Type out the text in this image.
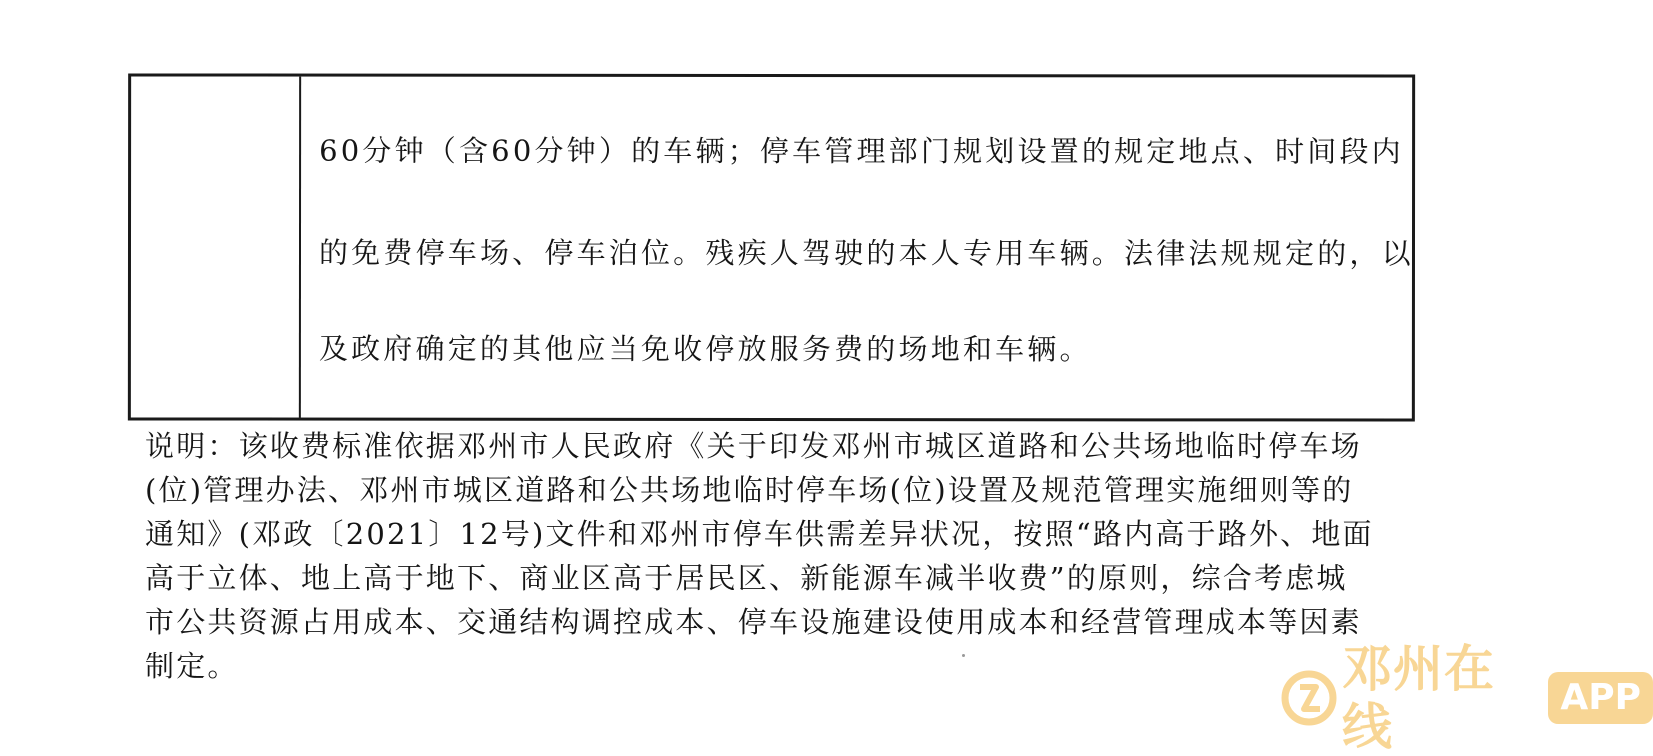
60分钟（含60分钟）的车辆；停车管理部门规划设置的规定地点、时间段内
的免费停车场、停车泊位。残疾人驾驶的本人专用车辆。法律法规规定的，以
及政府确定的其他应当免收停放服务费的场地和车辆。
说明：该收费标准依据邓州市人民政府《关于印发邓州市城区道路和公共场地临时停车场
(位)管理办法、邓州市城区道路和公共场地临时停车场(位)设置及规范管理实施细则等的
通知》(邓政〔2021〕12号)文件和邓州市停车供需差异状况，按照“路内高于路外、地面
高于立体、地上高于地下、商业区高于居民区、新能源车减半收费”的原则，综合考虑城
市公共资源占用成本、交通结构调控成本、停车设施建设使用成本和经营管理成本等因素
制定。	邓州在线
APP
